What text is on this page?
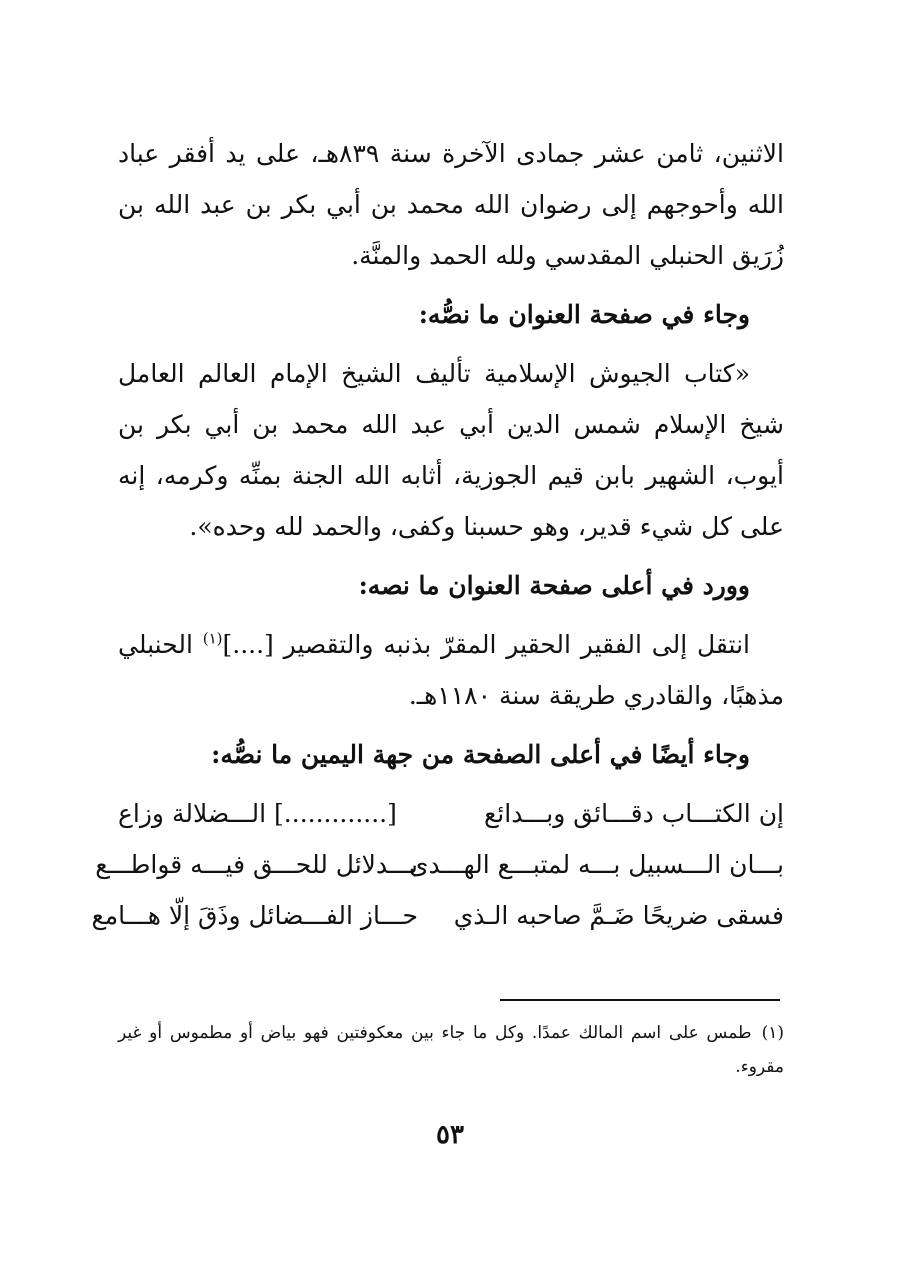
الاثنين، ثامن عشر جمادى الآخرة سنة ٨٣٩هـ، على يد أفقر عباد الله وأحوجهم إلى رضوان الله محمد بن أبي بكر بن عبد الله بن زُرَيق الحنبلي المقدسي ولله الحمد والمنَّة.

وجاء في صفحة العنوان ما نصُّه:

«كتاب الجيوش الإسلامية تأليف الشيخ الإمام العالم العامل شيخ الإسلام شمس الدين أبي عبد الله محمد بن أبي بكر بن أيوب، الشهير بابن قيم الجوزية، أثابه الله الجنة بمنِّه وكرمه، إنه على كل شيء قدير، وهو حسبنا وكفى، والحمد لله وحده».

وورد في أعلى صفحة العنوان ما نصه:

انتقل إلى الفقير الحقير المقرّ بذنبه والتقصير [....]$^{(١)}$ الحنبلي مذهبًا، والقادري طريقة سنة ١١٨٠هـ.

وجاء أيضًا في أعلى الصفحة من جهة اليمين ما نصُّه:

إن الكتـــاب دقـــائق وبـــدائع
[.............] الـــضلالة وزاع
بـــان الـــسبيل بـــه لمتبـــع الهـــدى
بـــدلائل للحـــق فيـــه قواطـــع
فسقى ضريحًا ضَـمَّ صاحبه الـذي
حـــاز الفـــضائل وذَقَ إلّا هـــامع
(١)طمس على اسم المالك عمدًا. وكل ما جاء بين معكوفتين فهو بياض أو مطموس أو غير مقروء.
٥٣
